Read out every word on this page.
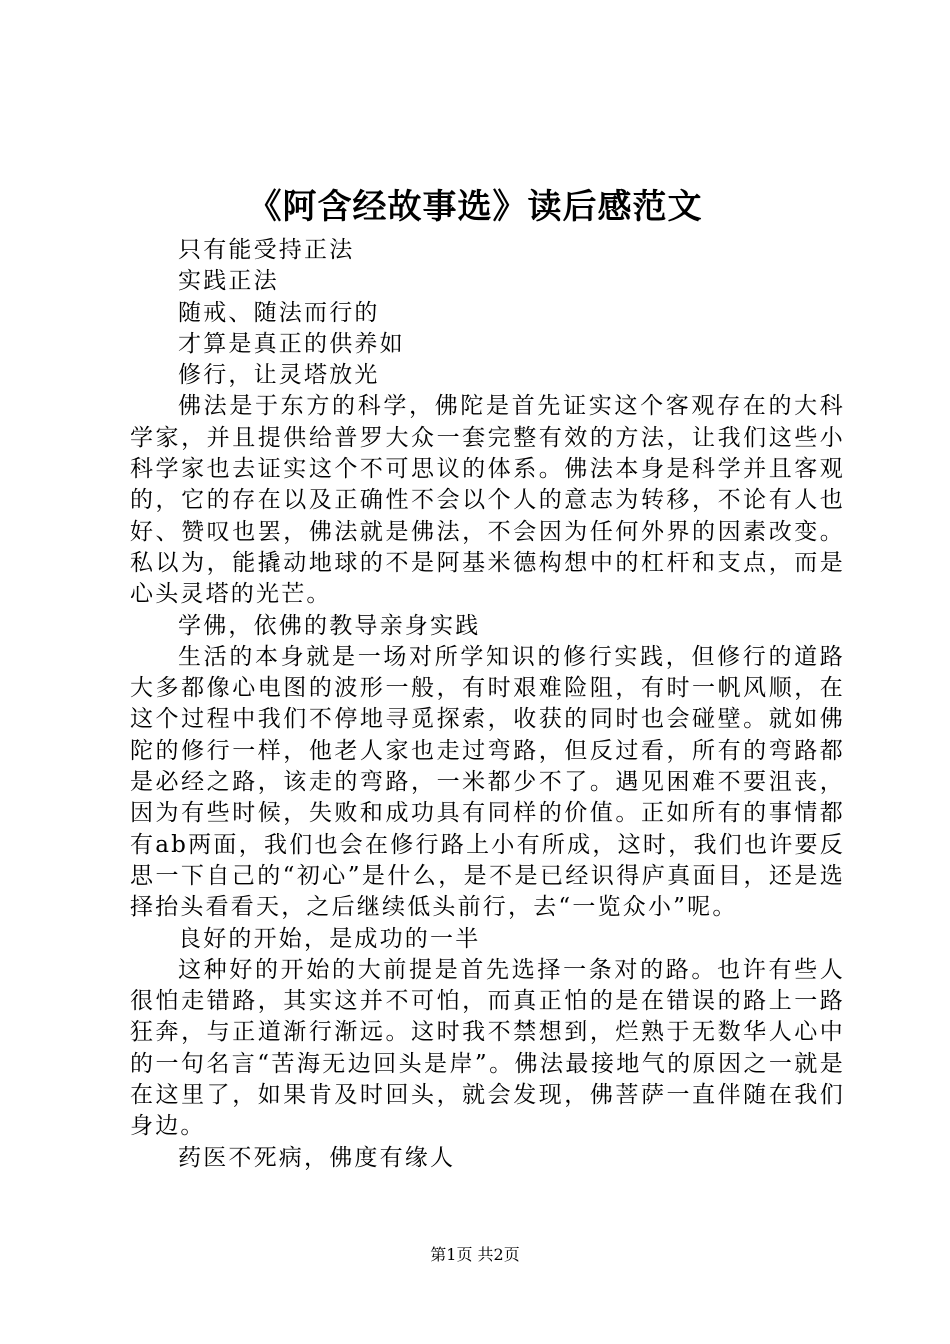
《阿含经故事选》读后感范文

只有能受持正法

实践正法

随戒、随法而行的

才算是真正的供养如

修行，让灵塔放光

佛法是于东方的科学，佛陀是首先证实这个客观存在的大科学家，并且提供给普罗大众一套完整有效的方法，让我们这些小科学家也去证实这个不可思议的体系。佛法本身是科学并且客观的，它的存在以及正确性不会以个人的意志为转移，不论有人也好、赞叹也罢，佛法就是佛法，不会因为任何外界的因素改变。私以为，能撬动地球的不是阿基米德构想中的杠杆和支点，而是心头灵塔的光芒。

学佛，依佛的教导亲身实践

生活的本身就是一场对所学知识的修行实践，但修行的道路大多都像心电图的波形一般，有时艰难险阻，有时一帆风顺，在这个过程中我们不停地寻觅探索，收获的同时也会碰壁。就如佛陀的修行一样，他老人家也走过弯路，但反过看，所有的弯路都是必经之路，该走的弯路，一米都少不了。遇见困难不要沮丧，因为有些时候，失败和成功具有同样的价值。正如所有的事情都有ab两面，我们也会在修行路上小有所成，这时，我们也许要反思一下自己的“初心”是什么，是不是已经识得庐真面目，还是选择抬头看看天，之后继续低头前行，去“一览众小”呢。

良好的开始，是成功的一半

这种好的开始的大前提是首先选择一条对的路。也许有些人很怕走错路，其实这并不可怕，而真正怕的是在错误的路上一路狂奔，与正道渐行渐远。这时我不禁想到，烂熟于无数华人心中的一句名言“苦海无边回头是岸”。佛法最接地气的原因之一就是在这里了，如果肯及时回头，就会发现，佛菩萨一直伴随在我们身边。

药医不死病，佛度有缘人

第1页 共2页
